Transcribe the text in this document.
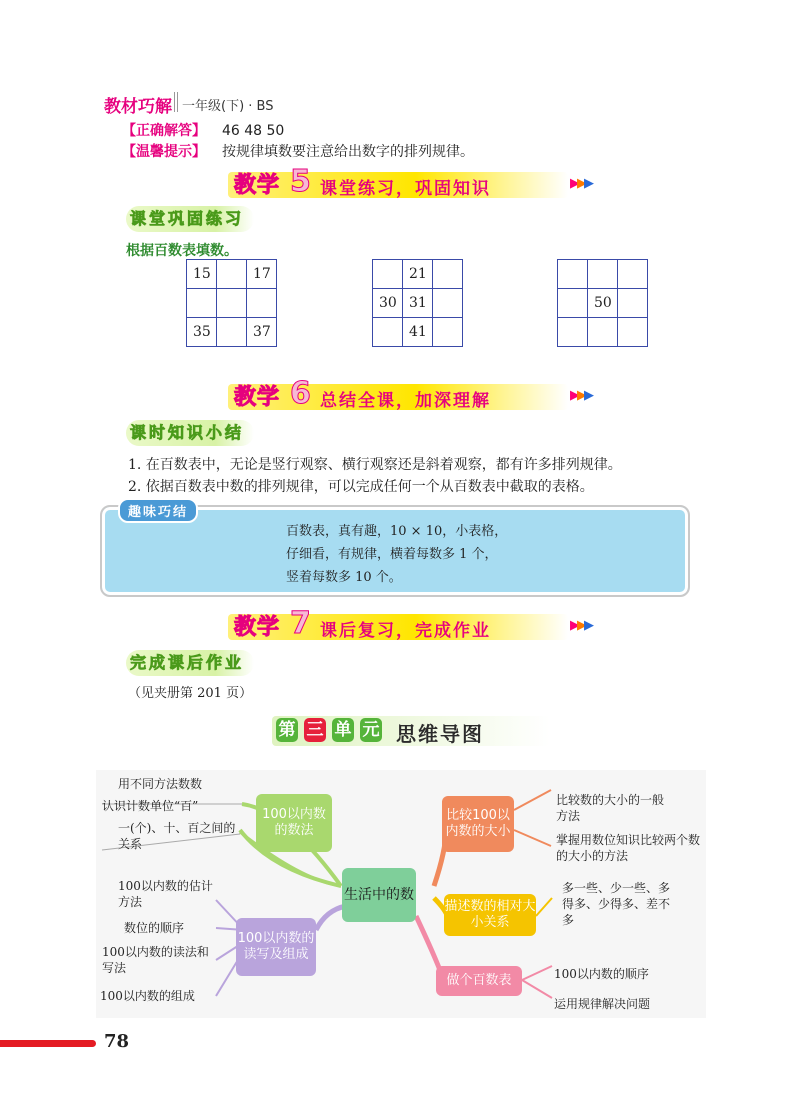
教材巧解 一年级(下) · BS
【正确解答】 46 48 50
【温馨提示】 按规律填数要注意给出数字的排列规律。
教学 5 课堂练习，巩固知识	▶▶▶
课堂巩固练习
根据百数表填数。
15		17

35		37
	21	
30	31	
	41	

	50	

教学 6 总结全课，加深理解	▶▶▶
课时知识小结
1. 在百数表中，无论是竖行观察、横行观察还是斜着观察，都有许多排列规律。
2. 依据百数表中数的排列规律，可以完成任何一个从百数表中截取的表格。
趣味巧结
百数表，真有趣，10 × 10，小表格，
仔细看，有规律，横着每数多 1 个，
竖着每数多 10 个。
教学 7 课后复习，完成作业	▶▶▶
完成课后作业
（见夹册第 201 页）
第 三 单 元 思维导图
生活中的数
100以内数的数法
100以内数的读写及组成
比较100以内数的大小
描述数的相对大小关系
做个百数表
用不同方法数数
认识计数单位“百”
一(个)、十、百之间的关系
100以内数的估计方法
数位的顺序
100以内数的读法和写法
100以内数的组成
比较数的大小的一般方法
掌握用数位知识比较两个数的大小的方法
多一些、少一些、多得多、少得多、差不多
100以内数的顺序
运用规律解决问题
78
